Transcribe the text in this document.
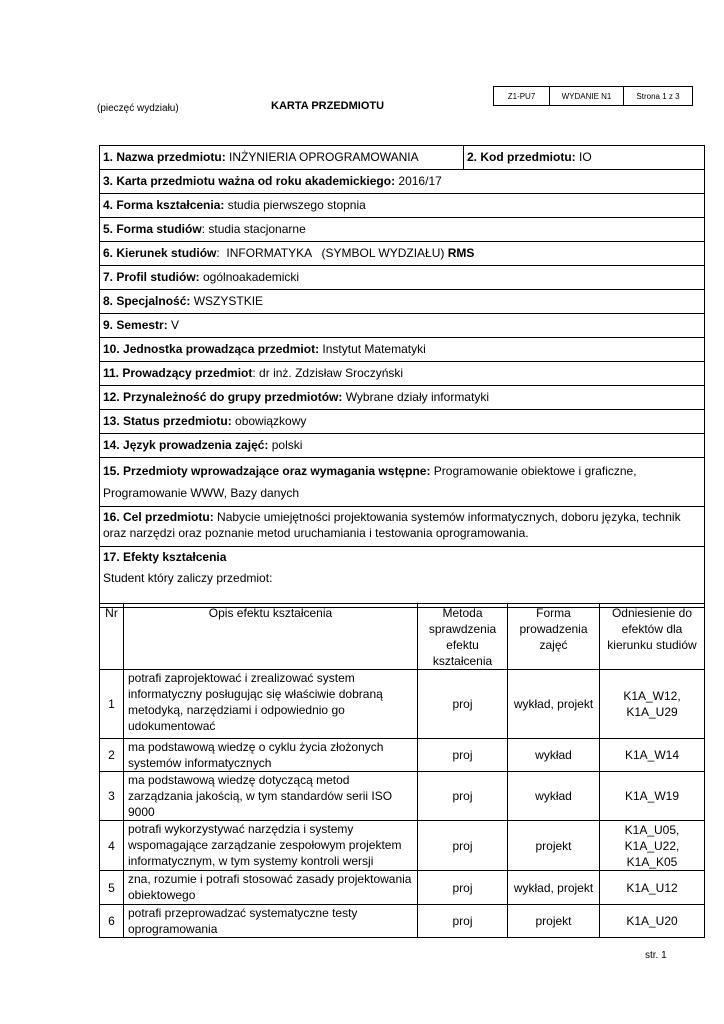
Z1-PU7	WYDANIE N1	Strona 1 z 3
(pieczęć wydziału)	KARTA PRZEDMIOTU
1. Nazwa przedmiotu: INŻYNIERIA OPROGRAMOWANIA	2. Kod przedmiotu: IO
3. Karta przedmiotu ważna od roku akademickiego: 2016/17
4. Forma kształcenia: studia pierwszego stopnia
5. Forma studiów: studia stacjonarne
6. Kierunek studiów:  INFORMATYKA   (SYMBOL WYDZIAŁU) RMS
7. Profil studiów: ogólnoakademicki
8. Specjalność: WSZYSTKIE
9. Semestr: V
10. Jednostka prowadząca przedmiot: Instytut Matematyki
11. Prowadzący przedmiot: dr inż. Zdzisław Sroczyński
12. Przynależność do grupy przedmiotów: Wybrane działy informatyki
13. Status przedmiotu: obowiązkowy
14. Język prowadzenia zajęć: polski
15. Przedmioty wprowadzające oraz wymagania wstępne: Programowanie obiektowe i graficzne,
Programowanie WWW, Bazy danych
16. Cel przedmiotu: Nabycie umiejętności projektowania systemów informatycznych, doboru języka, technik oraz narzędzi oraz poznanie metod uruchamiania i testowania oprogramowania.
17. Efekty kształcenia
Student który zaliczy przedmiot:
Nr	Opis efektu kształcenia	Metoda sprawdzenia efektu kształcenia	Forma prowadzenia zajęć	Odniesienie do efektów dla kierunku studiów
1	potrafi zaprojektować i zrealizować system informatyczny posługując się właściwie dobraną metodyką, narzędziami i odpowiednio go udokumentować	proj	wykład, projekt	K1A_W12, K1A_U29
2	ma podstawową wiedzę o cyklu życia złożonych systemów informatycznych	proj	wykład	K1A_W14
3	ma podstawową wiedzę dotyczącą metod zarządzania jakością, w tym standardów serii ISO 9000	proj	wykład	K1A_W19
4	potrafi wykorzystywać narzędzia i systemy wspomagające zarządzanie zespołowym projektem informatycznym, w tym systemy kontroli wersji	proj	projekt	K1A_U05, K1A_U22, K1A_K05
5	zna, rozumie i potrafi stosować zasady projektowania obiektowego	proj	wykład, projekt	K1A_U12
6	potrafi przeprowadzać systematyczne testy oprogramowania	proj	projekt	K1A_U20
str. 1
